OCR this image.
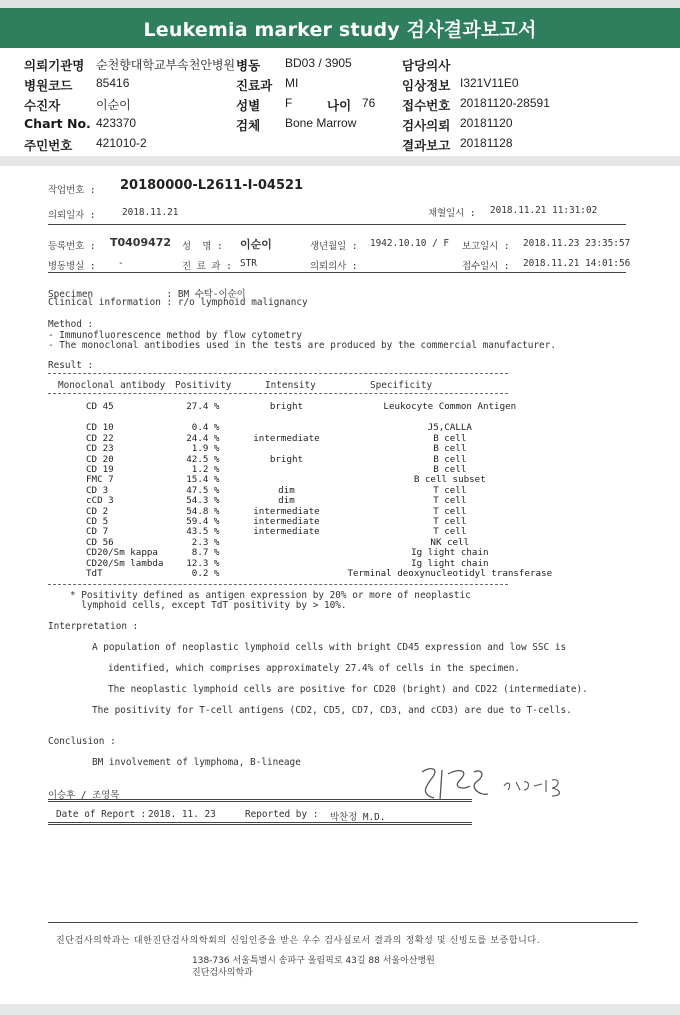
Leukemia marker study 검사결과보고서
의뢰기관명 순천향대학교부속천안병원 병동 BD03 / 3905	담당의사
병원코드 85416	진료과 MI	임상정보 I321V11E0
수진자	이순이	성별 F	나이 76 접수번호 20181120-28591
Chart No. 423370	검체 Bone Marrow	검사의뢰 20181120
주민번호 421010-2	결과보고 20181128
작업번호 : 20180000-L2611-I-04521
의뢰일자 :	2018.11.21	채혈일시 : 2018.11.21 11:31:02
등록번호 : T0409472 성  명 : 이순이	생년월일 : 1942.10.10 / F 보고일시 : 2018.11.23 23:35:57
병동병실 : -	진 료 과 : STR	의뢰의사 :	접수일시 : 2018.11.21 14:01:56
Specimen             : BM 수탁-이순이
Clinical information : r/o lymphoid malignancy
Method :
- Immunofluorescence method by flow cytometry
- The monoclonal antibodies used in the tests are produced by the commercial manufacturer.
Result :
Monoclonal antibody Positivity	Intensity	Specificity
CD 45	27.4 %	bright	Leukocyte Common Antigen

CD 10	0.4 %		J5,CALLA
CD 22	24.4 %	intermediate	B cell
CD 23	1.9 %		B cell
CD 20	42.5 %	bright	B cell
CD 19	1.2 %		B cell
FMC 7	15.4 %		B cell subset
CD 3	47.5 %	dim	T cell
cCD 3	54.3 %	dim	T cell
CD 2	54.8 %	intermediate	T cell
CD 5	59.4 %	intermediate	T cell
CD 7	43.5 %	intermediate	T cell
CD 56	2.3 %		NK cell
CD20/Sm kappa	8.7 %		Ig light chain
CD20/Sm lambda	12.3 %		Ig light chain
TdT	0.2 %		Terminal deoxynucleotidyl transferase
* Positivity defined as antigen expression by 20% or more of neoplastic
lymphoid cells, except TdT positivity by > 10%.
Interpretation :
A population of neoplastic lymphoid cells with bright CD45 expression and low SSC is
identified, which comprises approximately 27.4% of cells in the specimen.
The neoplastic lymphoid cells are positive for CD20 (bright) and CD22 (intermediate).
The positivity for T-cell antigens (CD2, CD5, CD7, CD3, and cCD3) are due to T-cells.
Conclusion :
BM involvement of lymphoma, B-lineage
이승후 / 조영목
Date of Report : 2018. 11. 23	Reported by : 박찬정 M.D.
진단검사의학과는 대한진단검사의학회의 신임인증을 받은 우수 검사실로서 결과의 정확성 및 신빙도를 보증합니다.
138-736 서울특별시 송파구 올림픽로 43길 88 서울아산병원
진단검사의학과
